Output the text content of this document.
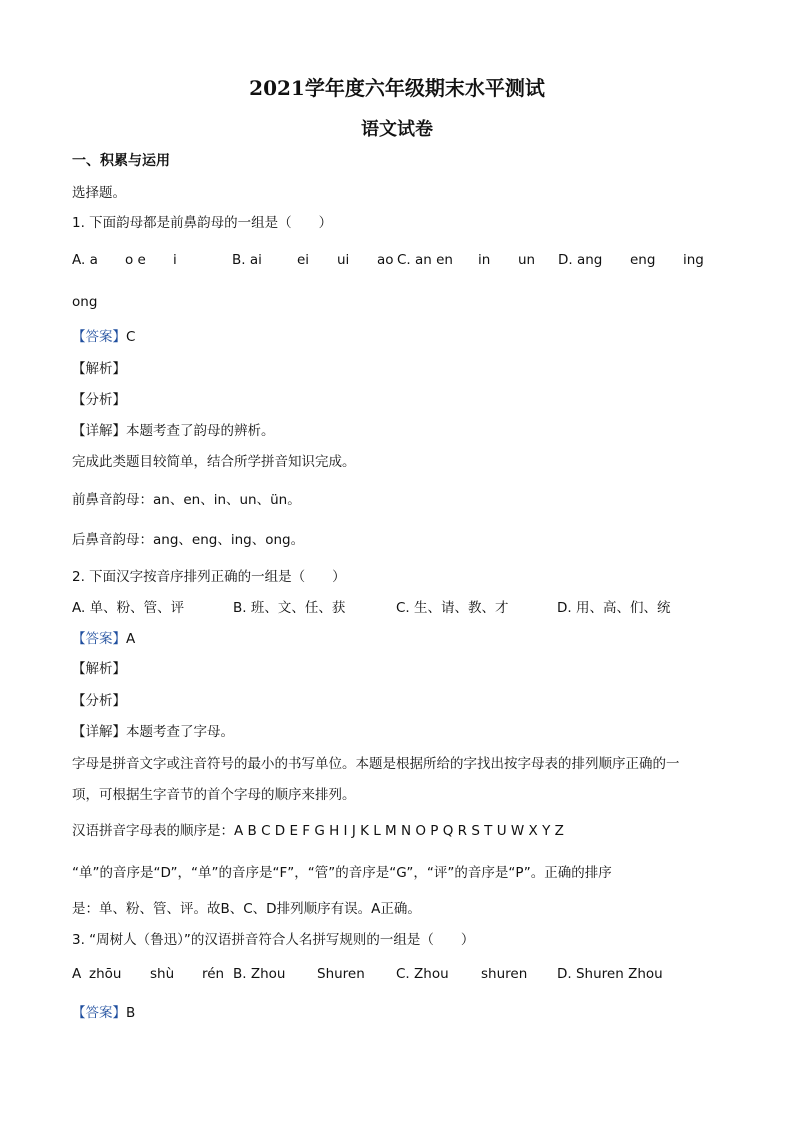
2021学年度六年级期末水平测试
语文试卷
一、积累与运用
选择题。
1. 下面韵母都是前鼻韵母的一组是（　　）
A. a o e i	B. ai	ei ui ao C. an en in un D. ang eng ing
ong
【答案】C
【解析】
【分析】
【详解】本题考查了韵母的辨析。
完成此类题目较简单，结合所学拼音知识完成。
前鼻音韵母：an、en、in、un、ün。
后鼻音韵母：ang、eng、ing、ong。
2. 下面汉字按音序排列正确的一组是（　　）
A. 单、粉、管、评	B. 班、文、任、获	C. 生、请、教、才	D. 用、高、们、统
【答案】A
【解析】
【分析】
【详解】本题考查了字母。
字母是拼音文字或注音符号的最小的书写单位。本题是根据所给的字找出按字母表的排列顺序正确的一
项，可根据生字音节的首个字母的顺序来排列。
汉语拼音字母表的顺序是：A B C D E F G H I J K L M N O P Q R S T U W X Y Z
“单”的音序是“D”，“单”的音序是“F”，“管”的音序是“G”，“评”的音序是“P”。正确的排序
是：单、粉、管、评。故B、C、D排列顺序有误。A正确。
3. “周树人（鲁迅）”的汉语拼音符合人名拼写规则的一组是（　　）
A zhōu shù rén B. Zhou Shuren C. Zhou shuren D. Shuren Zhou
【答案】B
